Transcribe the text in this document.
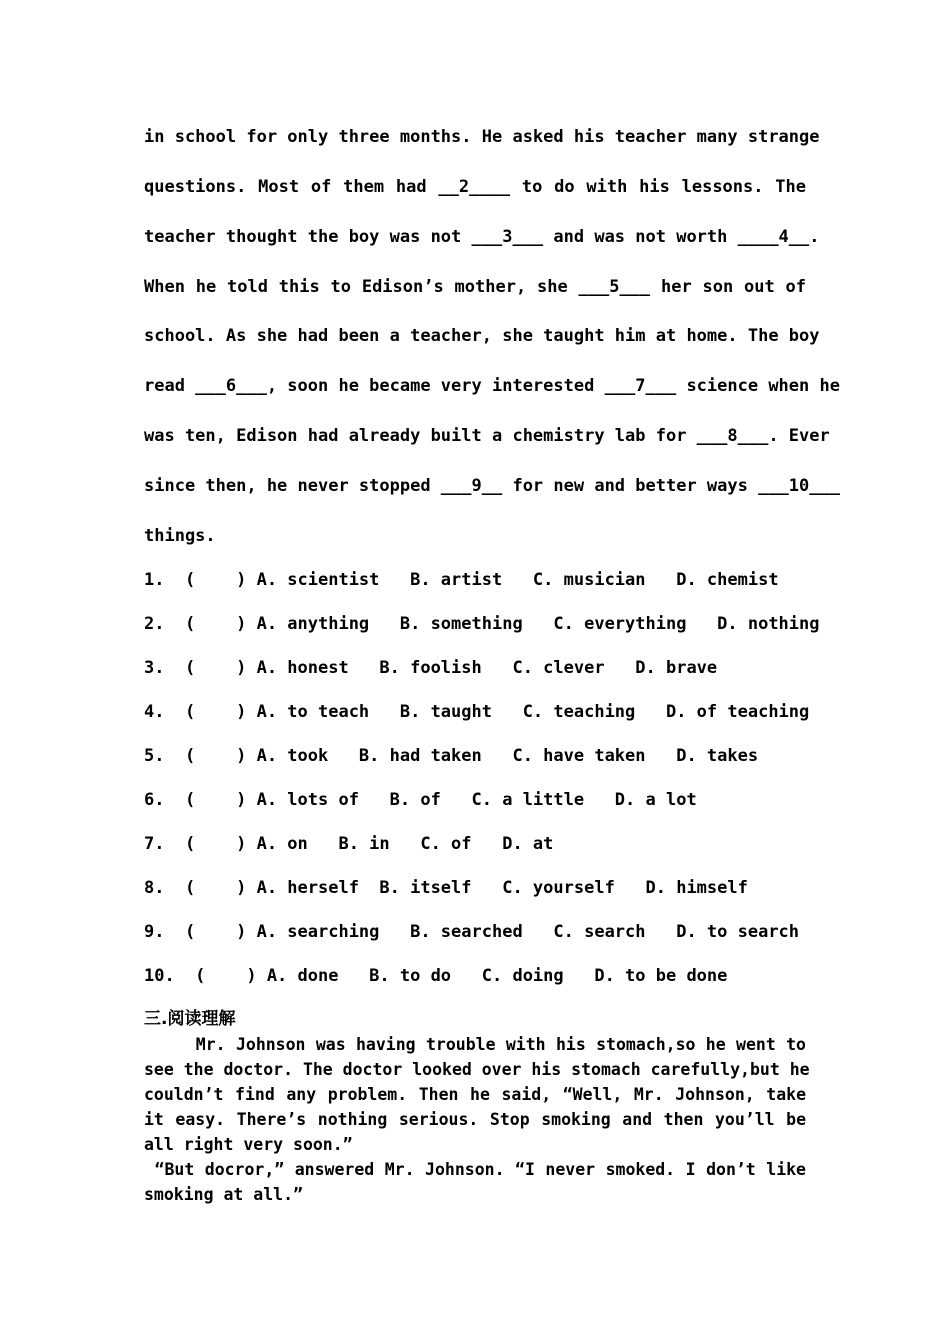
in school for only three months. He asked his teacher many strange
questions. Most of them had __2____ to do with his lessons. The
teacher thought the boy was not ___3___ and was not worth ____4__.
When he told this to Edison’s mother, she ___5___ her son out of
school. As she had been a teacher, she taught him at home. The boy
read ___6___, soon he became very interested ___7___ science when he
was ten, Edison had already built a chemistry lab for ___8___. Ever
since then, he never stopped ___9__ for new and better ways ___10___
things.
1.  (    ) A. scientist   B. artist   C. musician   D. chemist
2.  (    ) A. anything   B. something   C. everything   D. nothing
3.  (    ) A. honest   B. foolish   C. clever   D. brave
4.  (    ) A. to teach   B. taught   C. teaching   D. of teaching
5.  (    ) A. took   B. had taken   C. have taken   D. takes
6.  (    ) A. lots of   B. of   C. a little   D. a lot
7.  (    ) A. on   B. in   C. of   D. at
8.  (    ) A. herself  B. itself   C. yourself   D. himself
9.  (    ) A. searching   B. searched   C. search   D. to search
10.  (    ) A. done   B. to do   C. doing   D. to be done
三.阅读理解
Mr. Johnson was having trouble with his stomach,so he went to
see the doctor. The doctor looked over his stomach carefully,but he
couldn’t find any problem. Then he said, “Well, Mr. Johnson, take
it easy. There’s nothing serious. Stop smoking and then you’ll be
all right very soon.”
“But docror,” answered Mr. Johnson. “I never smoked. I don’t like
smoking at all.”
